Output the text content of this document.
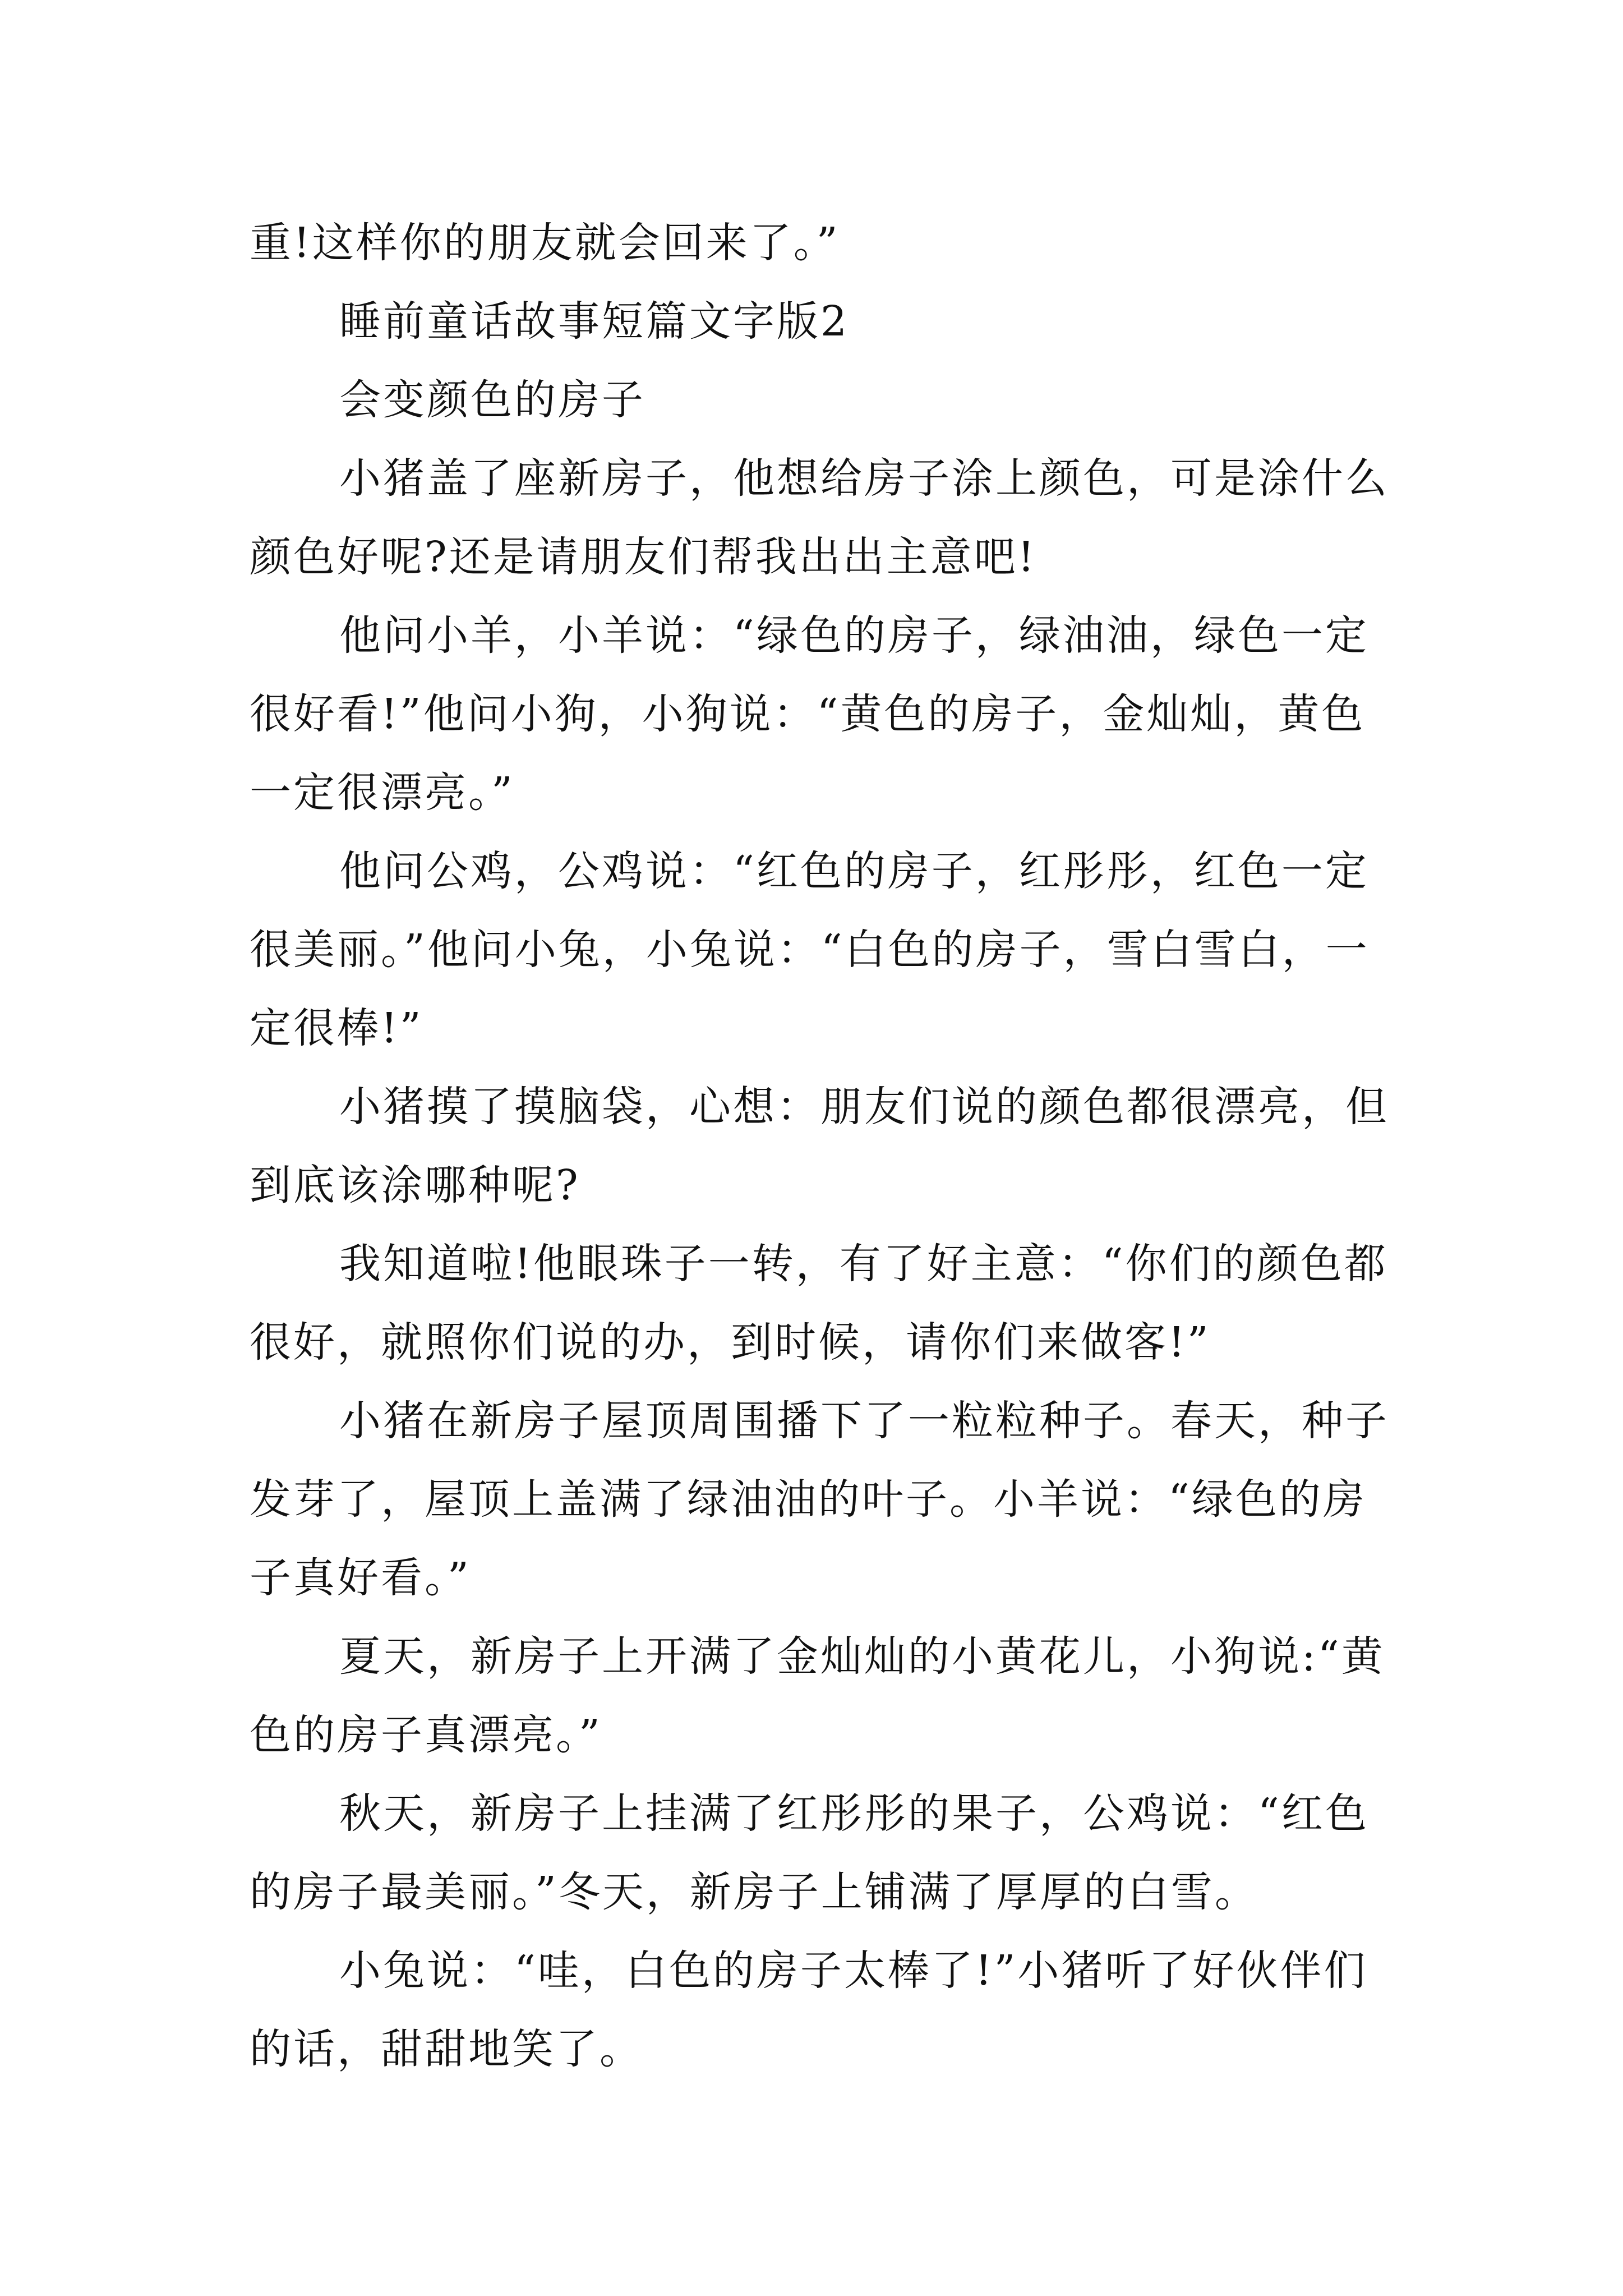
重!这样你的朋友就会回来了。”
睡前童话故事短篇文字版2
会变颜色的房子
小猪盖了座新房子，他想给房子涂上颜色，可是涂什么
颜色好呢?还是请朋友们帮我出出主意吧!
他问小羊，小羊说：“绿色的房子，绿油油，绿色一定
很好看!”他问小狗，小狗说：“黄色的房子，金灿灿，黄色
一定很漂亮。”
他问公鸡，公鸡说：“红色的房子，红彤彤，红色一定
很美丽。”他问小兔，小兔说：“白色的房子，雪白雪白，一
定很棒!”
小猪摸了摸脑袋，心想：朋友们说的颜色都很漂亮，但
到底该涂哪种呢?
我知道啦!他眼珠子一转，有了好主意：“你们的颜色都
很好，就照你们说的办，到时候，请你们来做客!”
小猪在新房子屋顶周围播下了一粒粒种子。春天，种子
发芽了，屋顶上盖满了绿油油的叶子。小羊说：“绿色的房
子真好看。”
夏天，新房子上开满了金灿灿的小黄花儿，小狗说:“黄
色的房子真漂亮。”
秋天，新房子上挂满了红彤彤的果子，公鸡说：“红色
的房子最美丽。”冬天，新房子上铺满了厚厚的白雪。
小兔说：“哇，白色的房子太棒了!”小猪听了好伙伴们
的话，甜甜地笑了。
